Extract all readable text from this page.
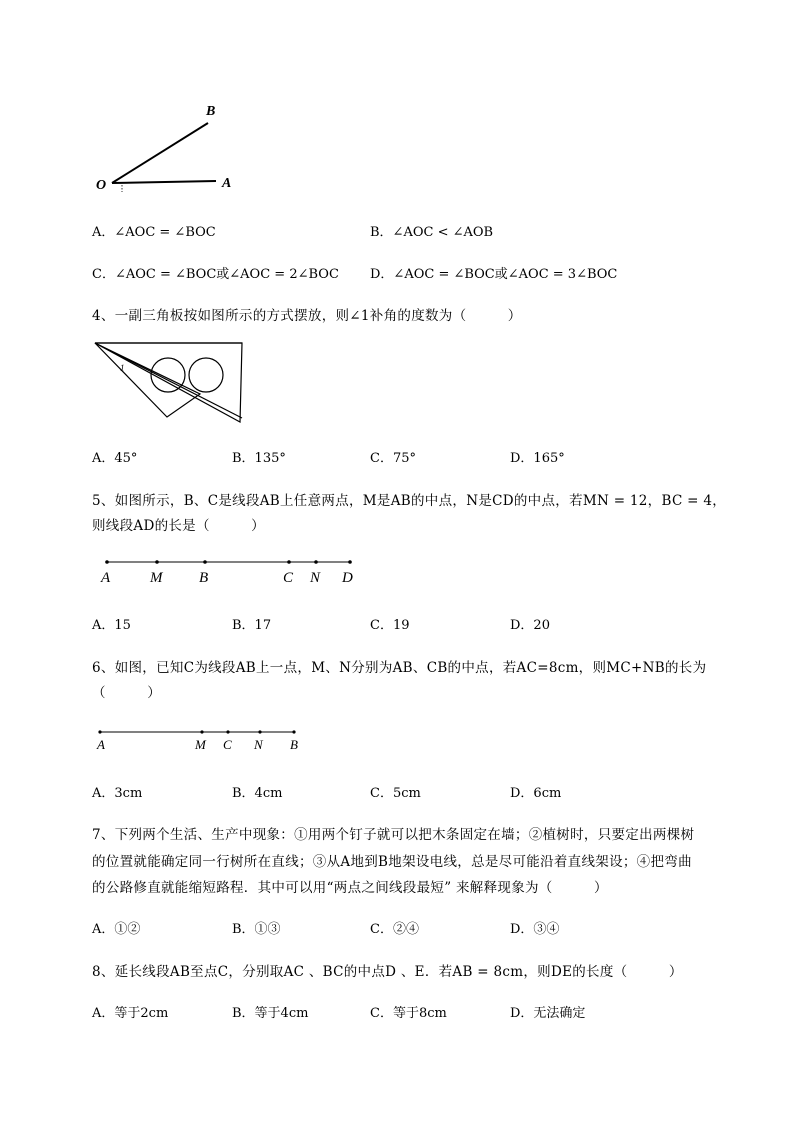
O	A
B
A．∠AOC = ∠BOC	B．∠AOC < ∠AOB
C．∠AOC = ∠BOC或∠AOC = 2∠BOC D．∠AOC = ∠BOC或∠AOC = 3∠BOC
4、一副三角板按如图所示的方式摆放，则∠1补角的度数为（　　　）
1
A．45°	B．135°	C．75°	D．165°
5、如图所示，B、C是线段AB上任意两点，M是AB的中点，N是CD的中点，若MN = 12，BC = 4，
则线段AD的长是（　　　）
A	M B	C N D
A．15	B．17	C．19	D．20
6、如图，已知C为线段AB上一点，M、N分别为AB、CB的中点，若AC=8cm，则MC+NB的长为
（　　　）
A	M C N B
A．3cm	B．4cm	C．5cm	D．6cm
7、下列两个生活、生产中现象：①用两个钉子就可以把木条固定在墙；②植树时，只要定出两棵树
的位置就能确定同一行树所在直线；③从A地到B地架设电线，总是尽可能沿着直线架设；④把弯曲
的公路修直就能缩短路程．其中可以用“两点之间线段最短” 来解释现象为（　　　）
A．①②	B．①③	C．②④	D．③④
8、延长线段AB至点C，分别取AC 、BC的中点D 、E．若AB = 8cm，则DE的长度（　　　）
A．等于2cm	B．等于4cm	C．等于8cm	D．无法确定
